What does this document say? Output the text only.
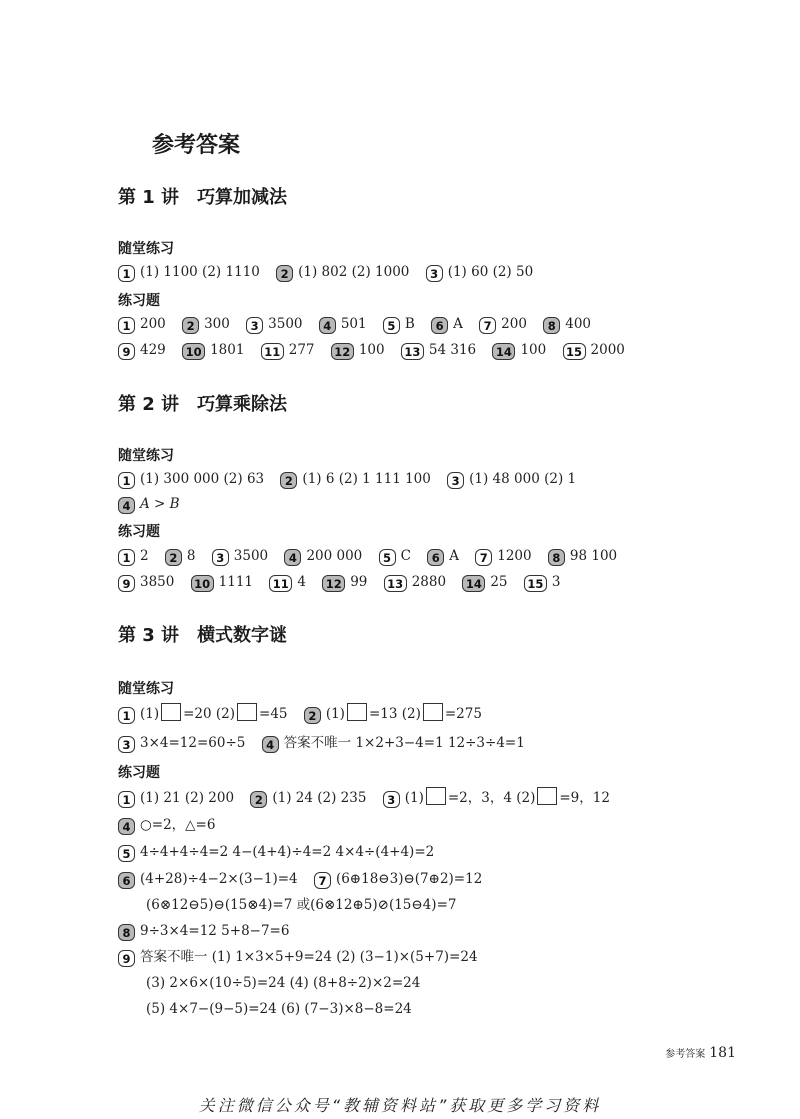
参考答案
第 1 讲 巧算加减法
随堂练习
1 (1) 1100 (2) 1110 2 (1) 802 (2) 1000 3 (1) 60 (2) 50
练习题
1 200 2 300 3 3500 4 501 5 B 6 A 7 200 8 400
9 429 10 1801 11 277 12 100 13 54 316 14 100 15 2000
第 2 讲 巧算乘除法
随堂练习
1 (1) 300 000 (2) 63 2 (1) 6 (2) 1 111 100 3 (1) 48 000 (2) 1
4 A > B
练习题
1 2 2 8 3 3500 4 200 000 5 C 6 A 7 1200 8 98 100
9 3850 10 1111 11 4 12 99 13 2880 14 25 15 3
第 3 讲 横式数字谜
随堂练习
1 (1) =20 (2) =45 2 (1) =13 (2) =275
3 3×4=12=60÷5 4 答案不唯一 1×2+3−4=1 12÷3÷4=1
练习题
1 (1) 21 (2) 200 2 (1) 24 (2) 235 3 (1) =2，3，4 (2) =9，12
4 ○=2，△=6
5 4÷4+4÷4=2 4−(4+4)÷4=2 4×4÷(4+4)=2
6 (4+28)÷4−2×(3−1)=4 7 (6⊕18⊖3)⊖(7⊕2)=12
(6⊗12⊖5)⊖(15⊗4)=7 或(6⊗12⊕5)⊘(15⊖4)=7
8 9÷3×4=12 5+8−7=6
9 答案不唯一 (1) 1×3×5+9=24 (2) (3−1)×(5+7)=24
(3) 2×6×(10÷5)=24 (4) (8+8÷2)×2=24
(5) 4×7−(9−5)=24 (6) (7−3)×8−8=24
参考答案 181
关注微信公众号“教辅资料站”获取更多学习资料
